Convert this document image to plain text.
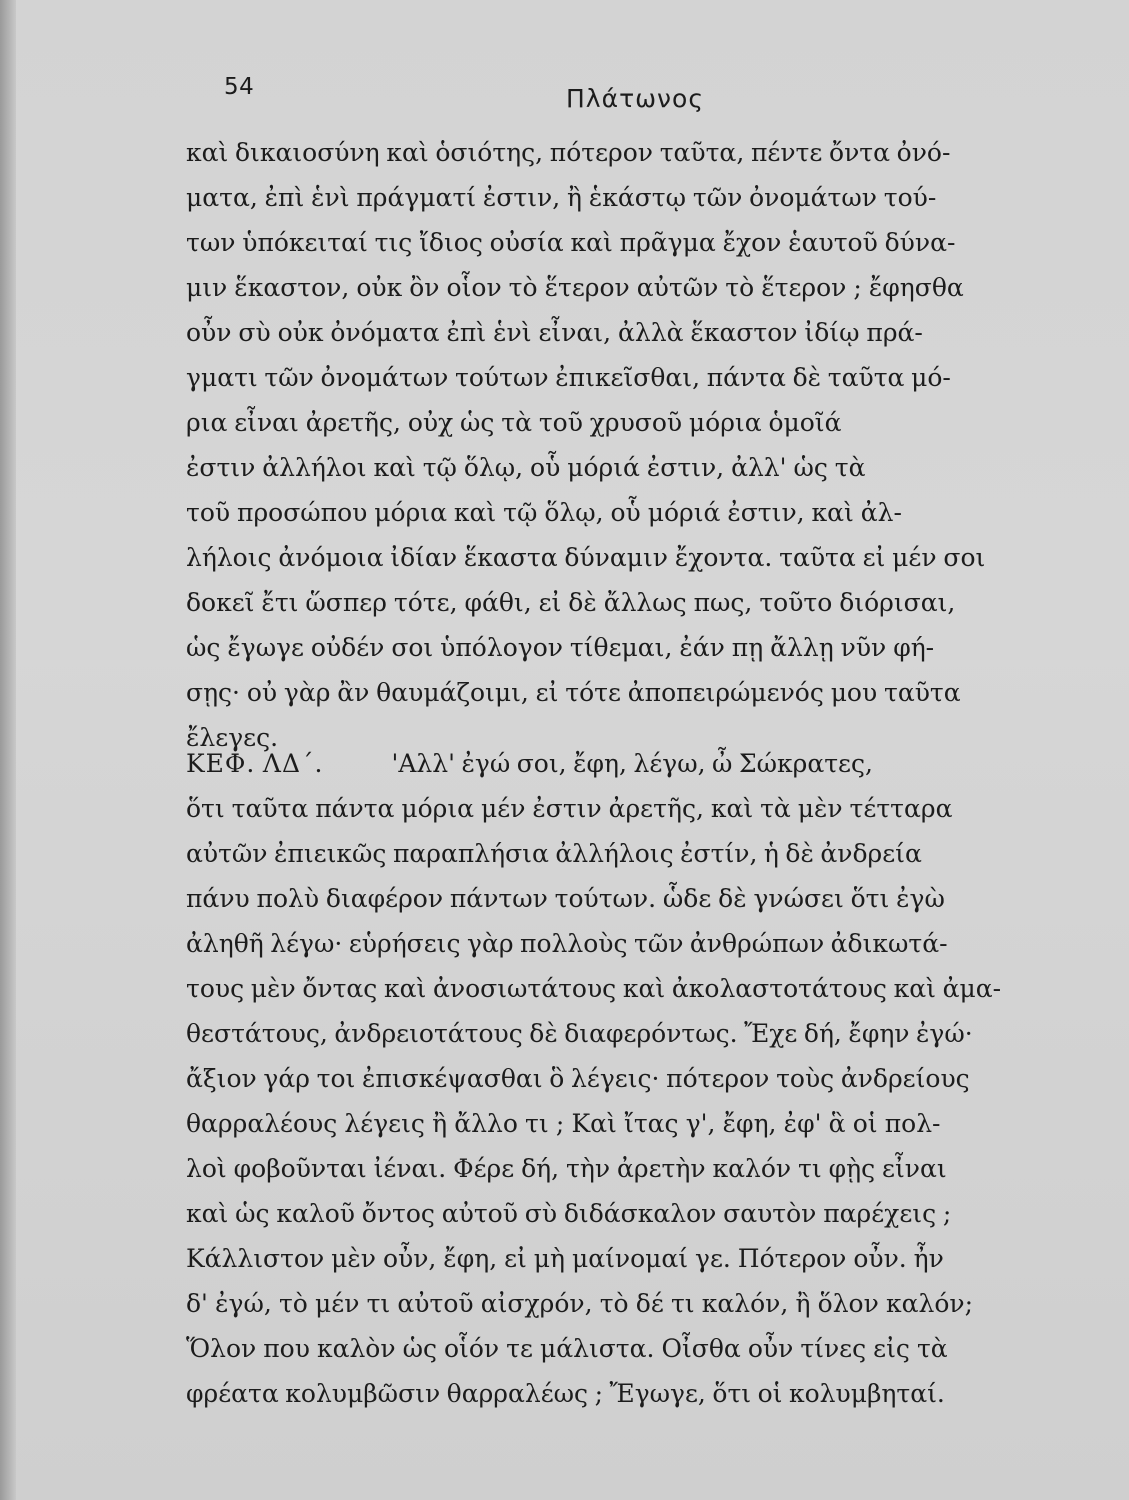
54	Πλάτωνος
καὶ δικαιοσύνη καὶ ὁσιότης, πότερον ταῦτα, πέντε ὄντα ὀνό-
ματα, ἐπὶ ἑνὶ πράγματί ἐστιν, ἢ ἑκάστῳ τῶν ὀνομάτων τού-
των ὑπόκειταί τις ἴδιος οὐσία καὶ πρᾶγμα ἔχον ἑαυτοῦ δύνα-
μιν ἕκαστον, οὐκ ὂν οἷον τὸ ἕτερον αὐτῶν τὸ ἕτερον ; ἔφησθα
οὖν σὺ οὐκ ὀνόματα ἐπὶ ἑνὶ εἶναι, ἀλλὰ ἕκαστον ἰδίῳ πρά-
γματι τῶν ὀνομάτων τούτων ἐπικεῖσθαι, πάντα δὲ ταῦτα μό-
ρια εἶναι ἀρετῆς, οὐχ ὡς τὰ τοῦ χρυσοῦ μόρια ὁμοῖά
ἐστιν ἀλλήλοι καὶ τῷ ὅλῳ, οὗ μόριά ἐστιν, ἀλλ' ὡς τὰ
τοῦ προσώπου μόρια καὶ τῷ ὅλῳ, οὗ μόριά ἐστιν, καὶ ἀλ-
λήλοις ἀνόμοια ἰδίαν ἕκαστα δύναμιν ἔχοντα. ταῦτα εἰ μέν σοι
δοκεῖ ἔτι ὥσπερ τότε, φάθι, εἰ δὲ ἄλλως πως, τοῦτο διόρισαι,
ὡς ἔγωγε οὐδέν σοι ὑπόλογον τίθεμαι, ἐάν πῃ ἄλλῃ νῦν φή-
σῃς· οὐ γὰρ ἂν θαυμάζοιμι, εἰ τότε ἀποπειρώμενός μου ταῦτα
ἔλεγες.
ΚΕΦ. ΛΔ΄.	'Αλλ' ἐγώ σοι, ἔφη, λέγω, ὦ Σώκρατες,
ὅτι ταῦτα πάντα μόρια μέν ἐστιν ἀρετῆς, καὶ τὰ μὲν τέτταρα
αὐτῶν ἐπιεικῶς παραπλήσια ἀλλήλοις ἐστίν, ἡ δὲ ἀνδρεία
πάνυ πολὺ διαφέρον πάντων τούτων. ὧδε δὲ γνώσει ὅτι ἐγὼ
ἀληθῆ λέγω· εὑρήσεις γὰρ πολλοὺς τῶν ἀνθρώπων ἀδικωτά-
τους μὲν ὄντας καὶ ἀνοσιωτάτους καὶ ἀκολαστοτάτους καὶ ἀμα-
θεστάτους, ἀνδρειοτάτους δὲ διαφερόντως. Ἔχε δή, ἔφην ἐγώ·
ἄξιον γάρ τοι ἐπισκέψασθαι ὃ λέγεις· πότερον τοὺς ἀνδρείους
θαρραλέους λέγεις ἢ ἄλλο τι ; Καὶ ἴτας γ', ἔφη, ἐφ' ἃ οἱ πολ-
λοὶ φοβοῦνται ἰέναι. Φέρε δή, τὴν ἀρετὴν καλόν τι φῂς εἶναι
καὶ ὡς καλοῦ ὄντος αὐτοῦ σὺ διδάσκαλον σαυτὸν παρέχεις ;
Κάλλιστον μὲν οὖν, ἔφη, εἰ μὴ μαίνομαί γε. Πότερον οὖν. ἦν
δ' ἐγώ, τὸ μέν τι αὐτοῦ αἰσχρόν, τὸ δέ τι καλόν, ἢ ὅλον καλόν;
Ὅλον που καλὸν ὡς οἷόν τε μάλιστα. Οἶσθα οὖν τίνες εἰς τὰ
φρέατα κολυμβῶσιν θαρραλέως ; Ἔγωγε, ὅτι οἱ κολυμβηταί.
